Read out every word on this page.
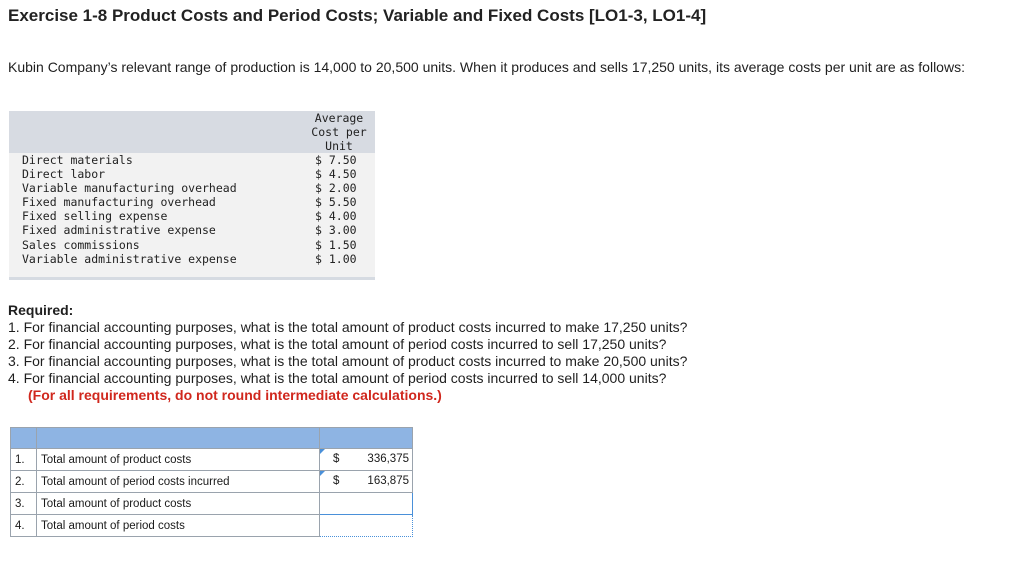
Exercise 1-8 Product Costs and Period Costs; Variable and Fixed Costs [LO1-3, LO1-4]
Kubin Company’s relevant range of production is 14,000 to 20,500 units. When it produces and sells 17,250 units, its average costs per unit are as follows:
Average
Cost per
Unit
Direct materials	$ 7.50
Direct labor	$ 4.50
Variable manufacturing overhead	$ 2.00
Fixed manufacturing overhead	$ 5.50
Fixed selling expense	$ 4.00
Fixed administrative expense	$ 3.00
Sales commissions	$ 1.50
Variable administrative expense	$ 1.00
Required:
1. For financial accounting purposes, what is the total amount of product costs incurred to make 17,250 units?
2. For financial accounting purposes, what is the total amount of period costs incurred to sell 17,250 units?
3. For financial accounting purposes, what is the total amount of product costs incurred to make 20,500 units?
4. For financial accounting purposes, what is the total amount of period costs incurred to sell 14,000 units?
(For all requirements, do not round intermediate calculations.)

1.	Total amount of product costs	$ 336,375

2.	Total amount of period costs incurred	$ 163,875

3.	Total amount of product costs	

4.	Total amount of period costs	
